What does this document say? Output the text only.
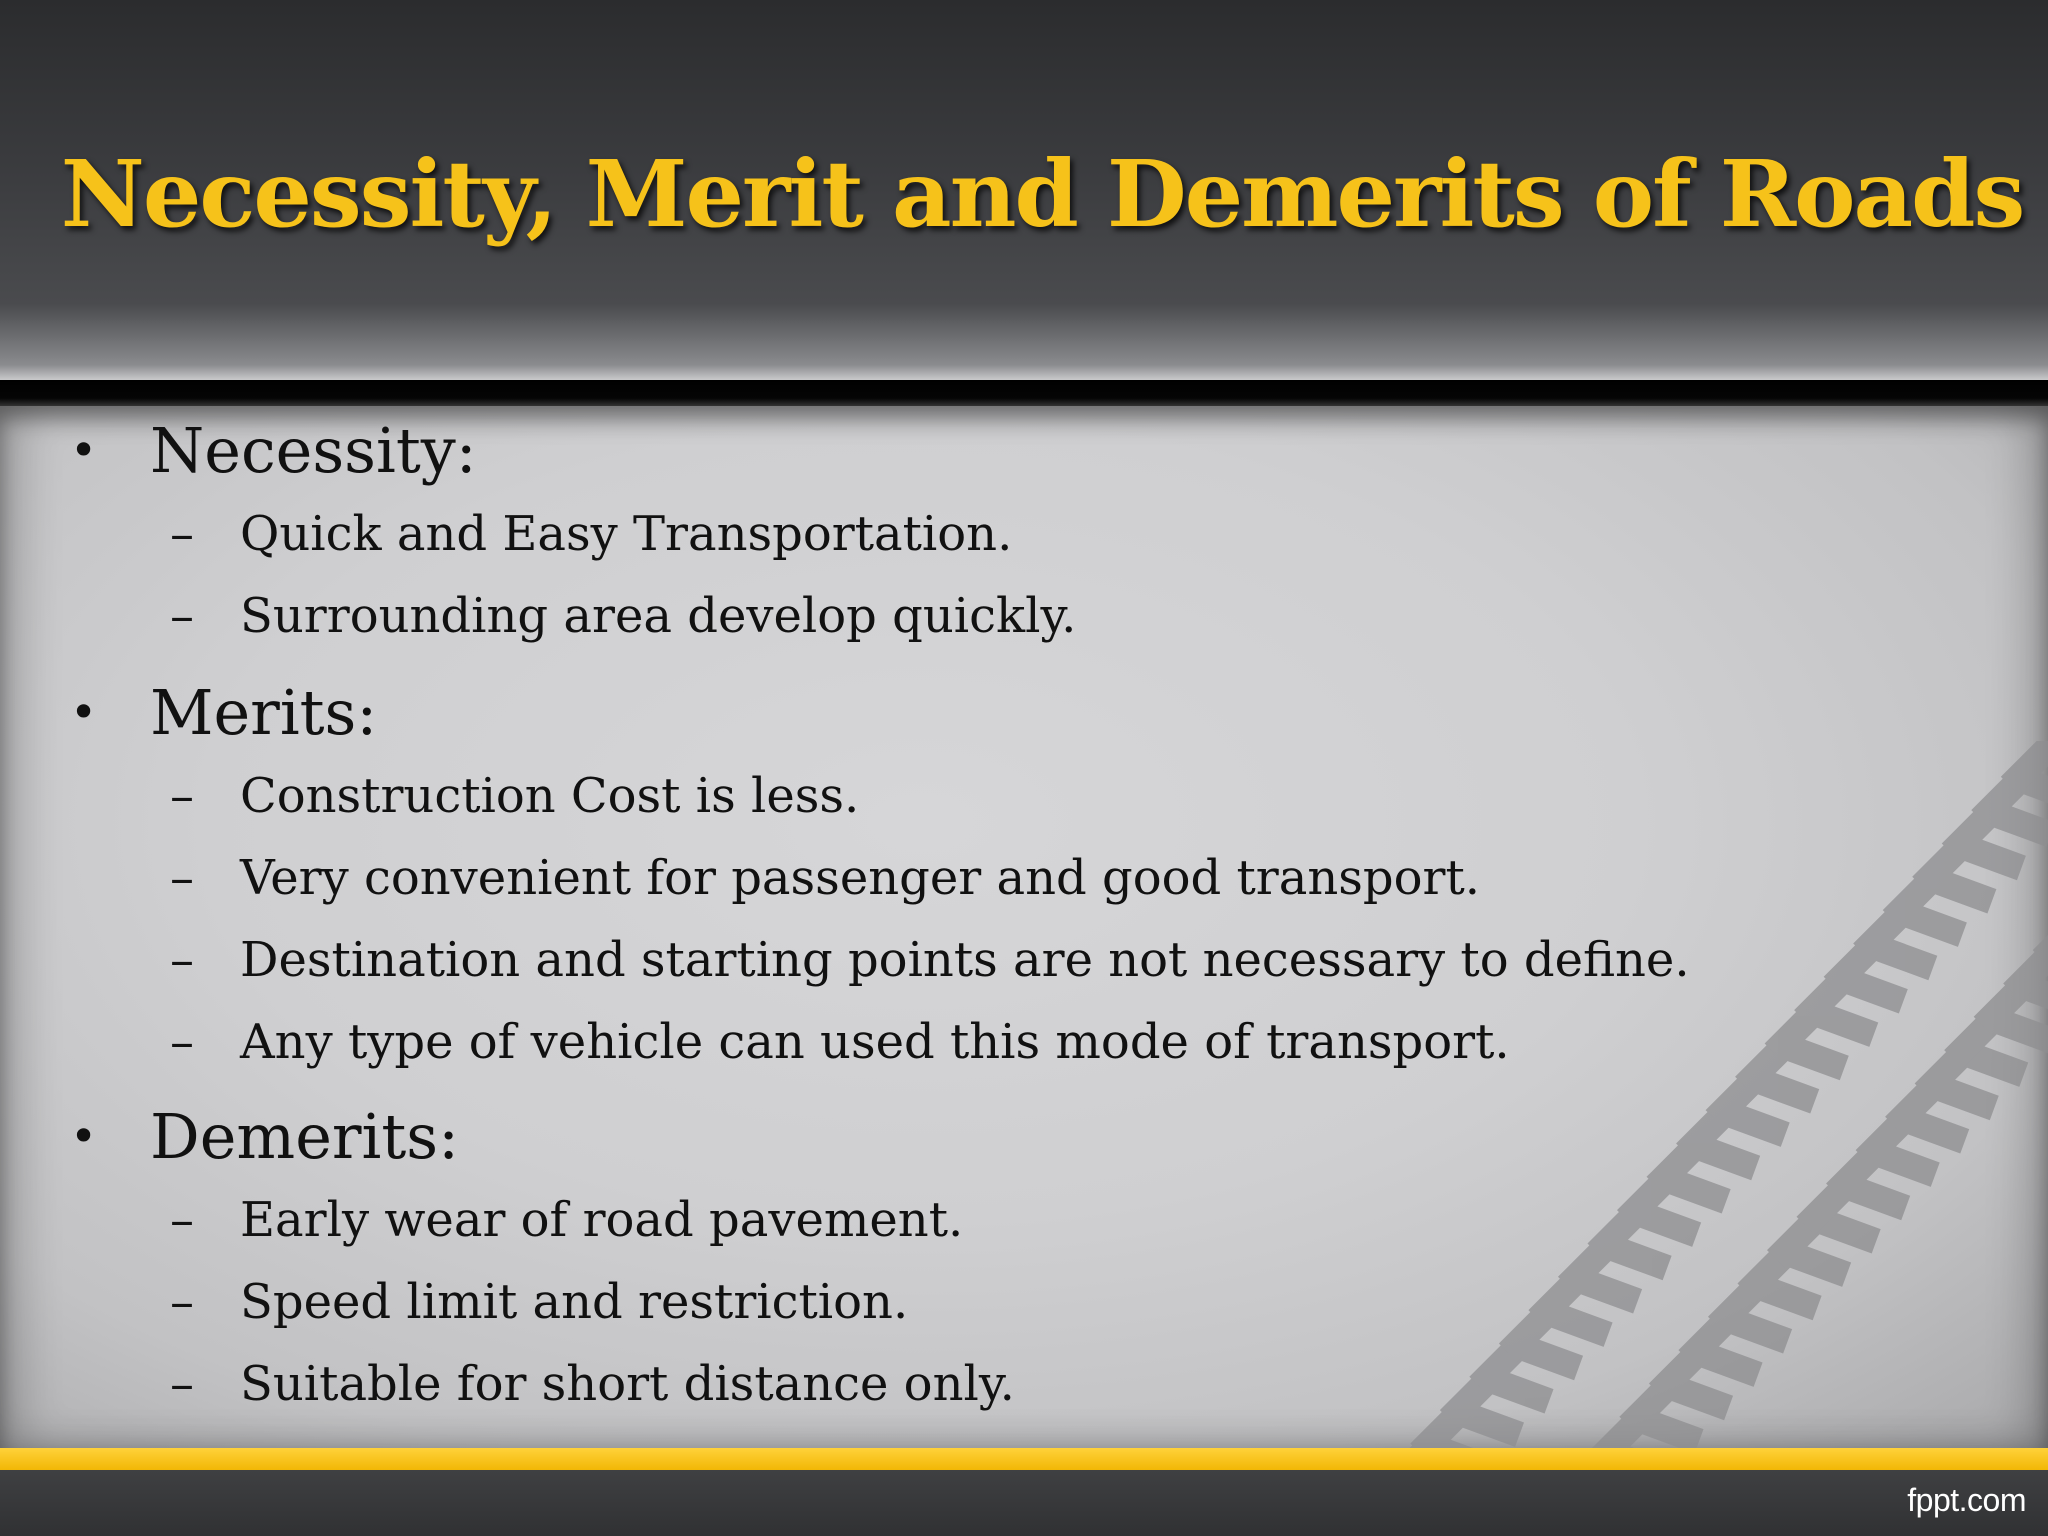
Necessity, Merit and Demerits of Roads
• Necessity:
– Quick and Easy Transportation.
– Surrounding area develop quickly.
• Merits:
– Construction Cost is less.
– Very convenient for passenger and good transport.
– Destination and starting points are not necessary to define.
– Any type of vehicle can used this mode of transport.
• Demerits:
– Early wear of road pavement.
– Speed limit and restriction.
– Suitable for short distance only.
fppt.com
